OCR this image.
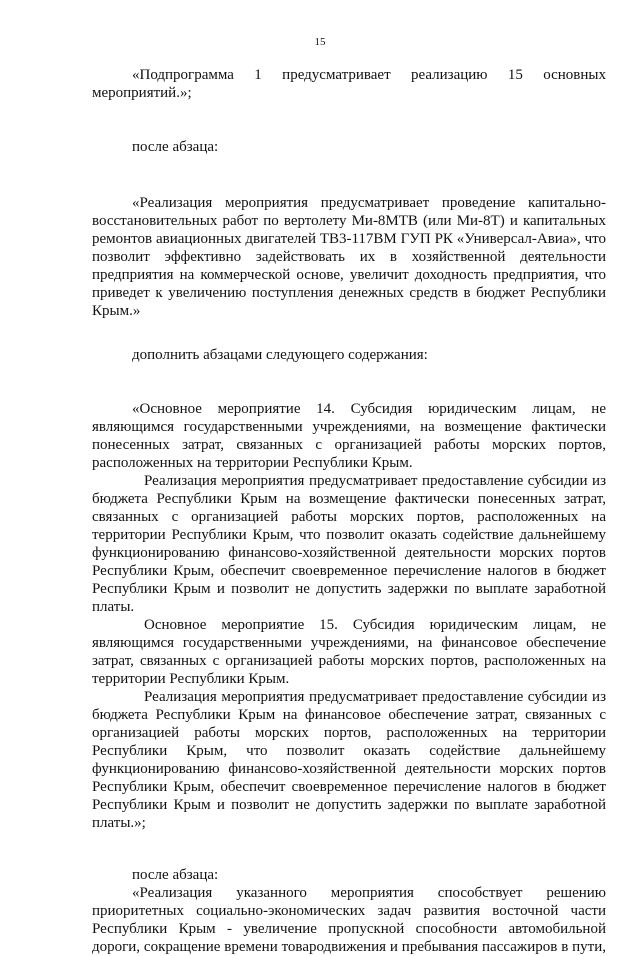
15
«Подпрограмма 1 предусматривает реализацию 15 основных
мероприятий.»;
после абзаца:
«Реализация мероприятия предусматривает проведение капитально-
восстановительных работ по вертолету Ми-8МТВ (или Ми-8Т) и капитальных
ремонтов авиационных двигателей ТВ3-117ВМ ГУП РК «Универсал-Авиа», что
позволит эффективно задействовать их в хозяйственной деятельности
предприятия на коммерческой основе, увеличит доходность предприятия, что
приведет к увеличению поступления денежных средств в бюджет Республики
Крым.»
дополнить абзацами следующего содержания:
«Основное мероприятие 14. Субсидия юридическим лицам, не
являющимся государственными учреждениями, на возмещение фактически
понесенных затрат, связанных с организацией работы морских портов,
расположенных на территории Республики Крым.
Реализация мероприятия предусматривает предоставление субсидии из
бюджета Республики Крым на возмещение фактически понесенных затрат,
связанных с организацией работы морских портов, расположенных на
территории Республики Крым, что позволит оказать содействие дальнейшему
функционированию финансово-хозяйственной деятельности морских портов
Республики Крым, обеспечит своевременное перечисление налогов в бюджет
Республики Крым и позволит не допустить задержки по выплате заработной
платы.
Основное мероприятие 15. Субсидия юридическим лицам, не
являющимся государственными учреждениями, на финансовое обеспечение
затрат, связанных с организацией работы морских портов, расположенных на
территории Республики Крым.
Реализация мероприятия предусматривает предоставление субсидии из
бюджета Республики Крым на финансовое обеспечение затрат, связанных с
организацией работы морских портов, расположенных на территории
Республики Крым, что позволит оказать содействие дальнейшему
функционированию финансово-хозяйственной деятельности морских портов
Республики Крым, обеспечит своевременное перечисление налогов в бюджет
Республики Крым и позволит не допустить задержки по выплате заработной
платы.»;
после абзаца:
«Реализация указанного мероприятия способствует решению
приоритетных социально-экономических задач развития восточной части
Республики Крым - увеличение пропускной способности автомобильной
дороги, сокращение времени товародвижения и пребывания пассажиров в пути,
